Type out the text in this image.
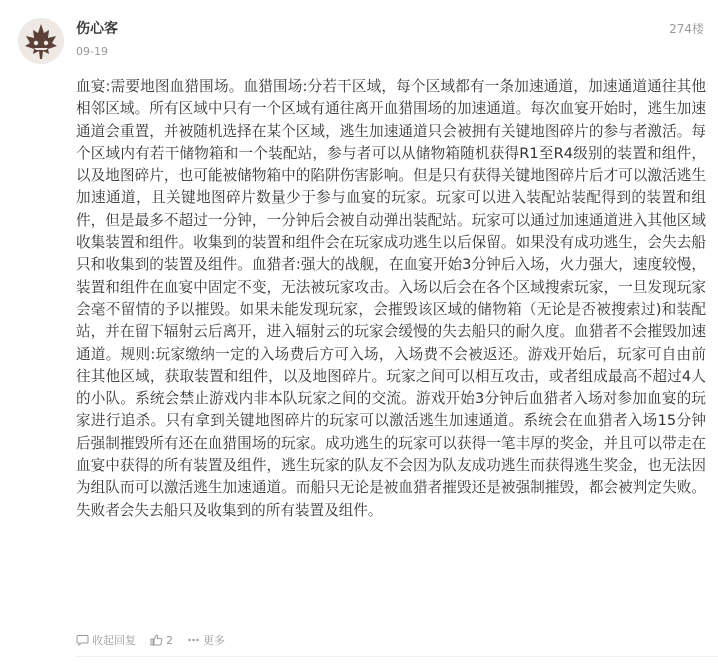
伤心客
09-19
274楼

血宴:需要地图血猎围场。血猎围场:分若干区域，每个区域都有一条加速通道，加速通道通往其他相邻区域。所有区域中只有一个区域有通往离开血猎围场的加速通道。每次血宴开始时，逃生加速通道会重置，并被随机选择在某个区域，逃生加速通道只会被拥有关键地图碎片的参与者激活。每个区域内有若干储物箱和一个装配站，参与者可以从储物箱随机获得R1至R4级别的装置和组件，以及地图碎片，也可能被储物箱中的陷阱伤害影响。但是只有获得关键地图碎片后才可以激活逃生加速通道，且关键地图碎片数量少于参与血宴的玩家。玩家可以进入装配站装配得到的装置和组件，但是最多不超过一分钟，一分钟后会被自动弹出装配站。玩家可以通过加速通道进入其他区域收集装置和组件。收集到的装置和组件会在玩家成功逃生以后保留。如果没有成功逃生，会失去船只和收集到的装置及组件。血猎者:强大的战舰，在血宴开始3分钟后入场，火力强大，速度较慢，装置和组件在血宴中固定不变，无法被玩家攻击。入场以后会在各个区域搜索玩家，一旦发现玩家会毫不留情的予以摧毁。如果未能发现玩家，会摧毁该区域的储物箱（无论是否被搜索过)和装配站，并在留下辐射云后离开，进入辐射云的玩家会缓慢的失去船只的耐久度。血猎者不会摧毁加速通道。规则:玩家缴纳一定的入场费后方可入场，入场费不会被返还。游戏开始后，玩家可自由前往其他区域，获取装置和组件，以及地图碎片。玩家之间可以相互攻击，或者组成最高不超过4人的小队。系统会禁止游戏内非本队玩家之间的交流。游戏开始3分钟后血猎者入场对参加血宴的玩家进行追杀。只有拿到关键地图碎片的玩家可以激活逃生加速通道。系统会在血猎者入场15分钟后强制摧毁所有还在血猎围场的玩家。成功逃生的玩家可以获得一笔丰厚的奖金，并且可以带走在血宴中获得的所有装置及组件，逃生玩家的队友不会因为队友成功逃生而获得逃生奖金，也无法因为组队而可以激活逃生加速通道。而船只无论是被血猎者摧毁还是被强制摧毁，都会被判定失败。失败者会失去船只及收集到的所有装置及组件。

收起回复	2	更多
